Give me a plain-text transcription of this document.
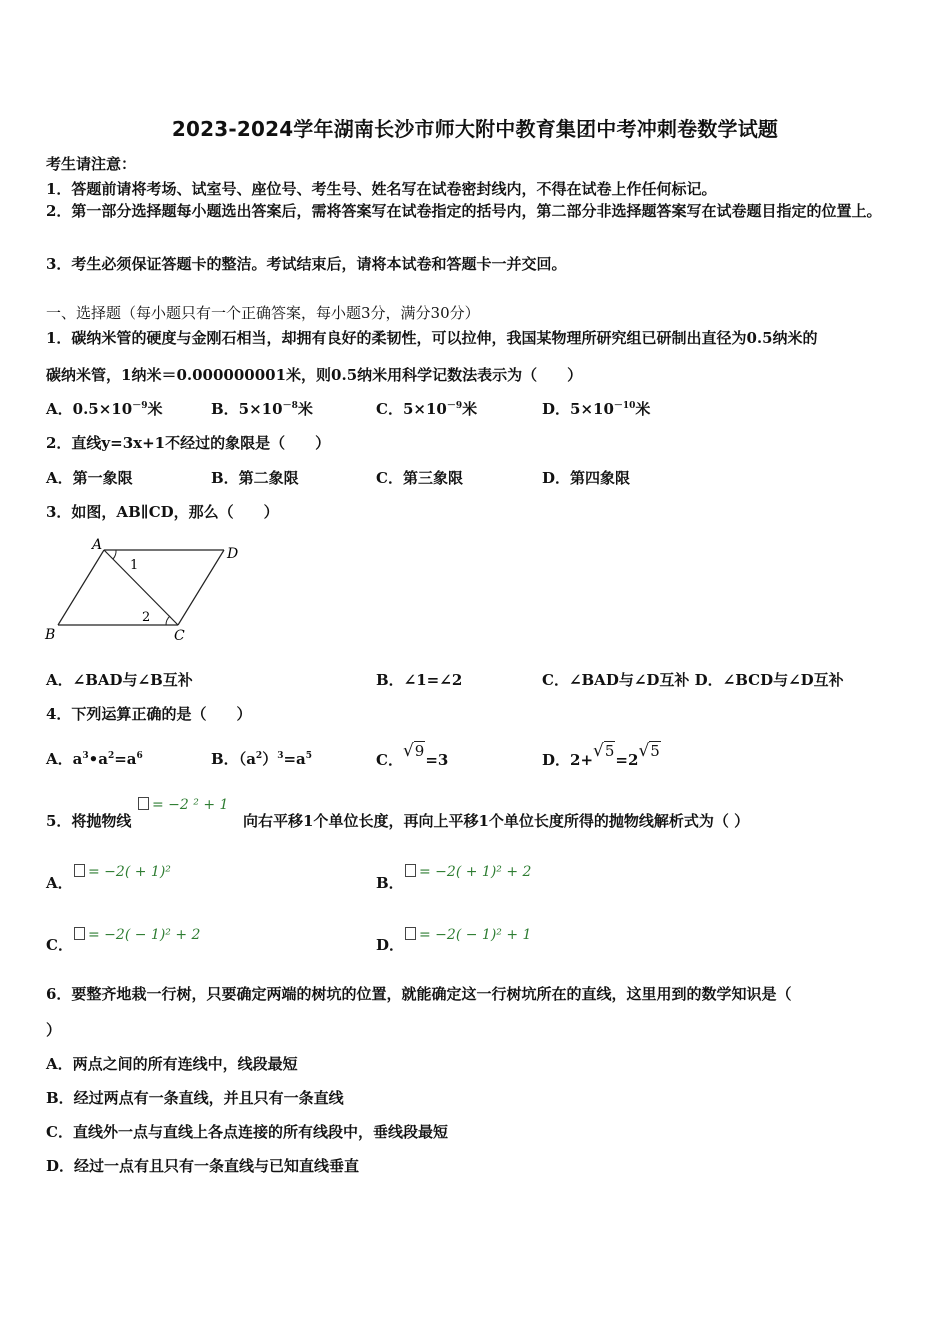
2023-2024学年湖南长沙市师大附中教育集团中考冲刺卷数学试题
考生请注意：
1．答题前请将考场、试室号、座位号、考生号、姓名写在试卷密封线内，不得在试卷上作任何标记。
2．第一部分选择题每小题选出答案后，需将答案写在试卷指定的括号内，第二部分非选择题答案写在试卷题目指定的位置上。
3．考生必须保证答题卡的整洁。考试结束后，请将本试卷和答题卡一并交回。
一、选择题（每小题只有一个正确答案，每小题3分，满分30分）
1．碳纳米管的硬度与金刚石相当，却拥有良好的柔韧性，可以拉伸，我国某物理所研究组已研制出直径为0.5纳米的
碳纳米管，1纳米＝0.000000001米，则0.5纳米用科学记数法表示为（　　）
A．$0.5\times 10^{-9}$米	B．$5\times 10^{-8}$米	C．$5\times 10^{-9}$米	D．$5\times 10^{-10}$米
2．直线y=3x+1不经过的象限是（　　）
A．第一象限	B．第二象限	C．第三象限	D．第四象限
3．如图，AB∥CD，那么（　　）
A
D
B	C
1
2
A．∠BAD与∠B互补	B．∠1=∠2	C．∠BAD与∠D互补 D．∠BCD与∠D互补
4．下列运算正确的是（　　）
A．$a^3•a^2=a^6$	B．$(a^2)^3=a^5$	C．√9=3	D．2+√5=2√5
5．将抛物线
= −2 ² + 1
向右平移1个单位长度，再向上平移1个单位长度所得的抛物线解析式为（ ）
A．
= −2( + 1)²
B．
= −2( + 1)² + 2
C．
= −2( − 1)² + 2
D．
= −2( − 1)² + 1
6．要整齐地栽一行树，只要确定两端的树坑的位置，就能确定这一行树坑所在的直线，这里用到的数学知识是（
）
A．两点之间的所有连线中，线段最短
B．经过两点有一条直线，并且只有一条直线
C．直线外一点与直线上各点连接的所有线段中，垂线段最短
D．经过一点有且只有一条直线与已知直线垂直
